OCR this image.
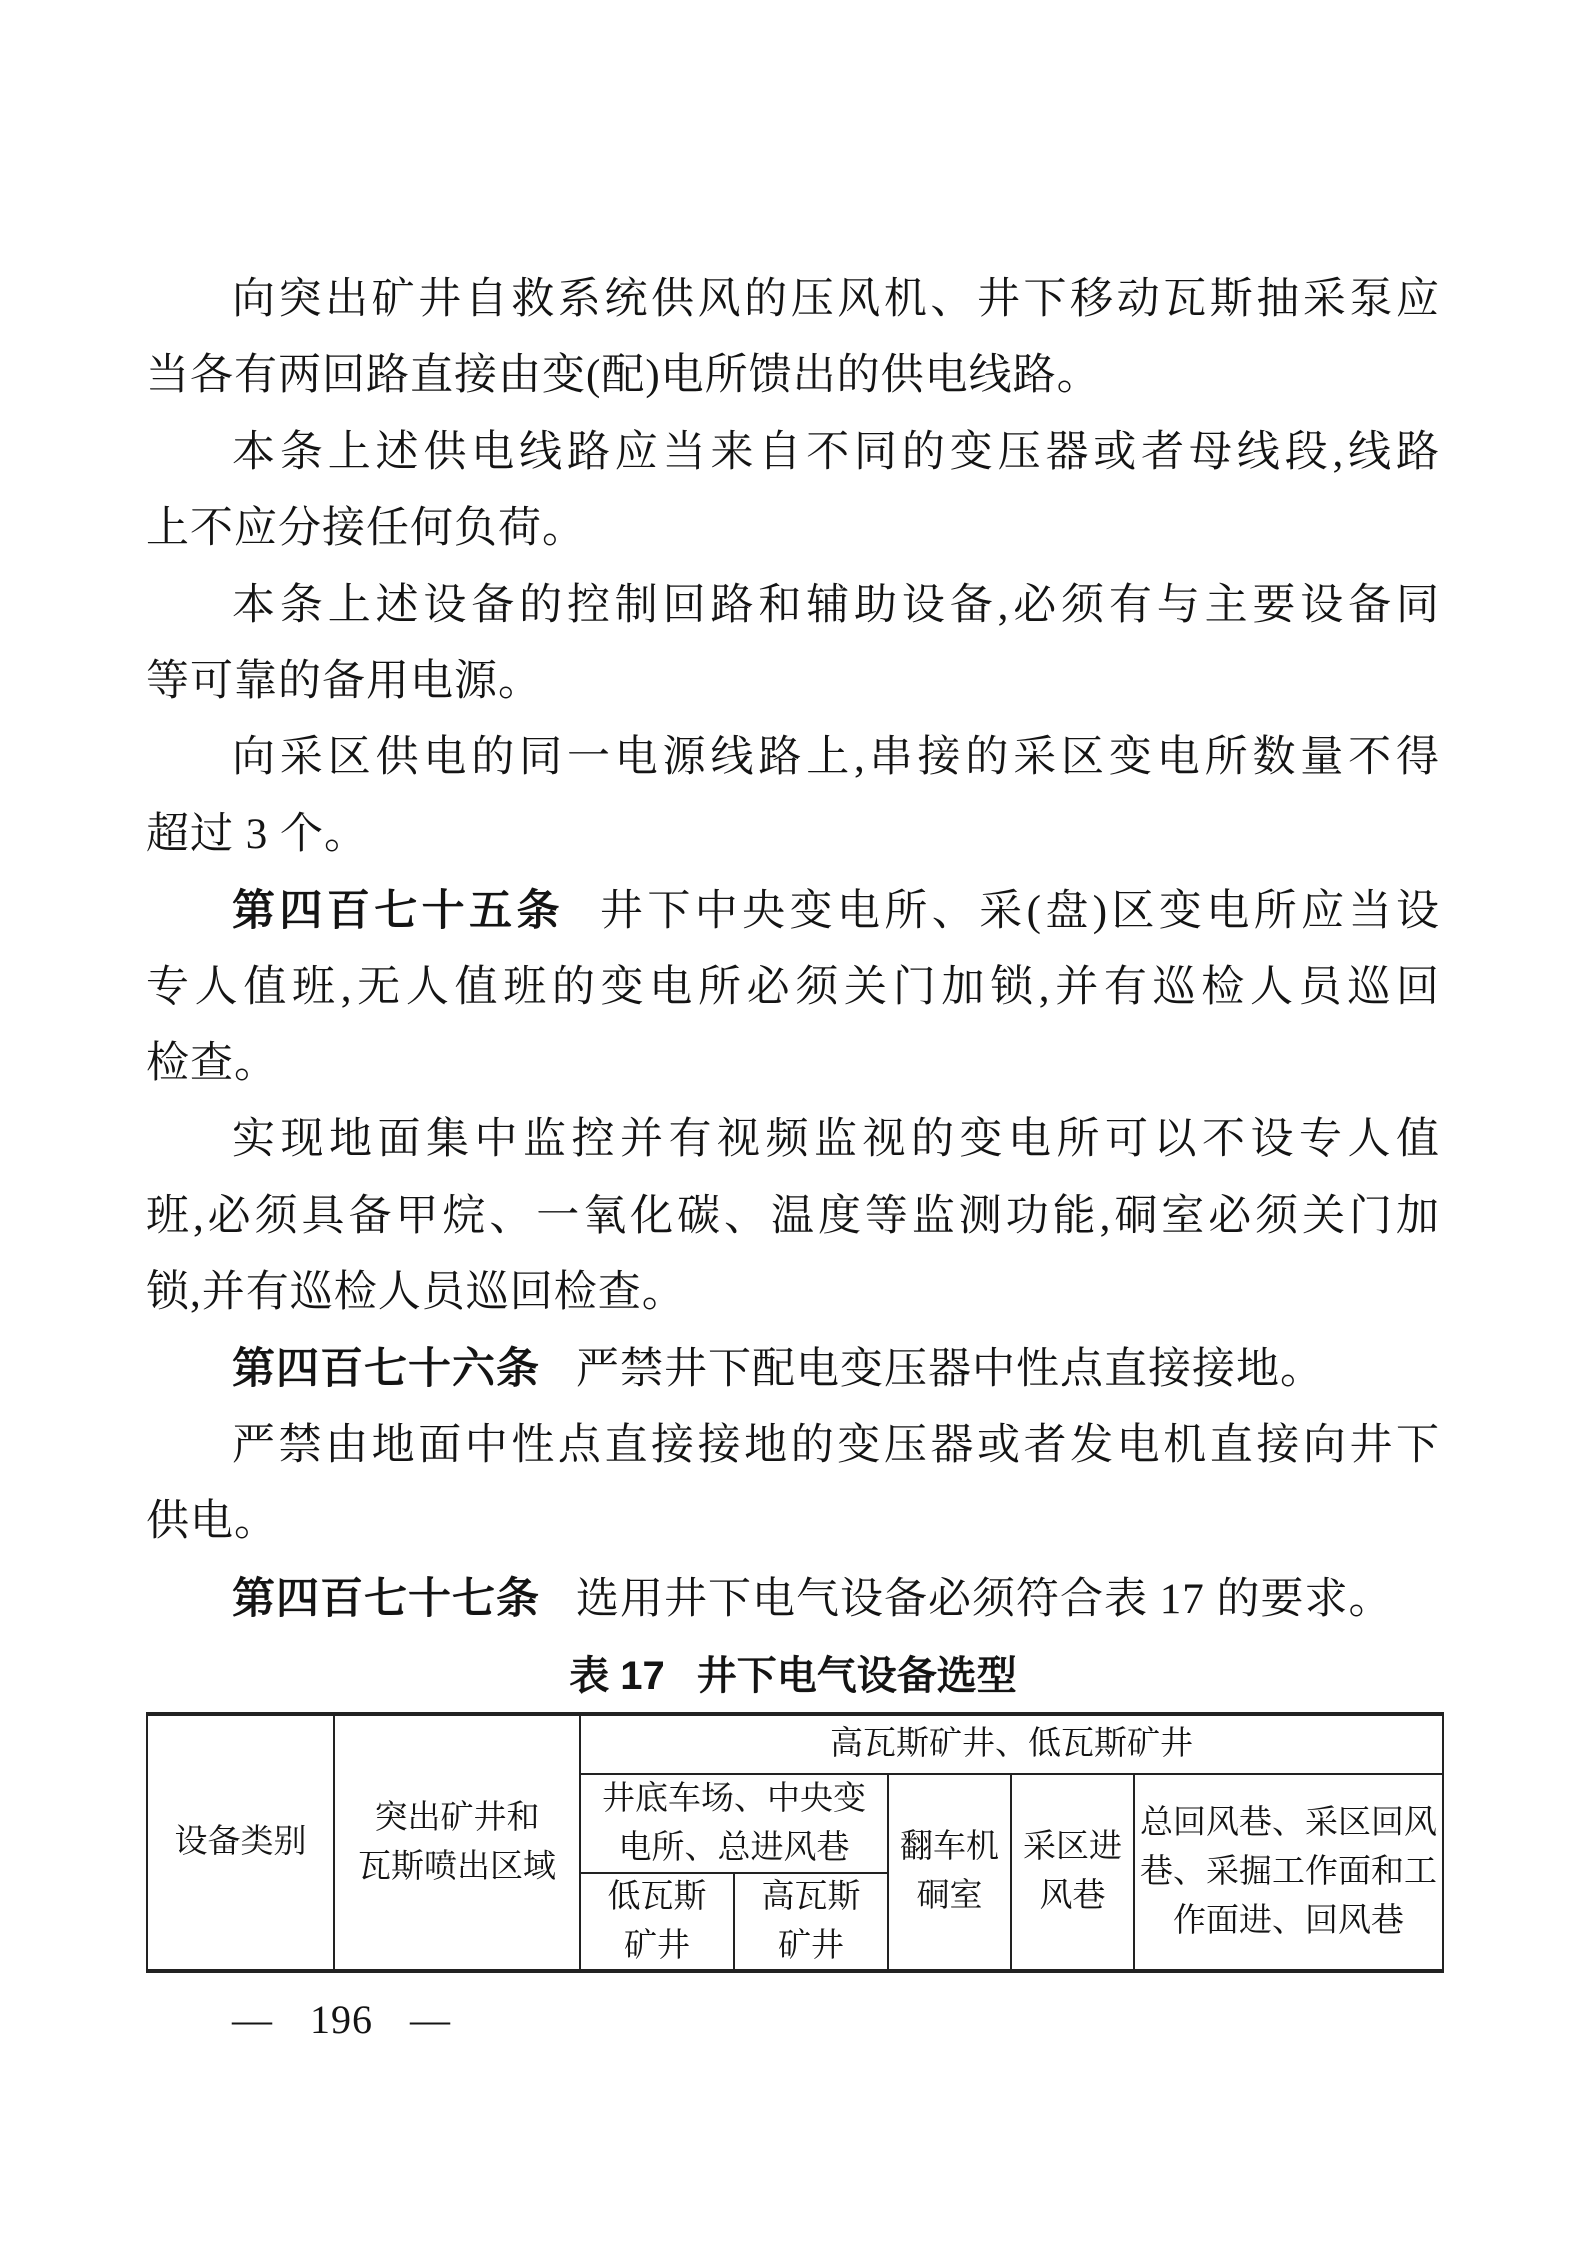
向突出矿井自救系统供风的压风机、井下移动瓦斯抽采泵应
当各有两回路直接由变(配)电所馈出的供电线路。
本条上述供电线路应当来自不同的变压器或者母线段,线路
上不应分接任何负荷。
本条上述设备的控制回路和辅助设备,必须有与主要设备同
等可靠的备用电源。
向采区供电的同一电源线路上,串接的采区变电所数量不得
超过 3 个。
第四百七十五条 井下中央变电所、采(盘)区变电所应当设
专人值班,无人值班的变电所必须关门加锁,并有巡检人员巡回
检查。
实现地面集中监控并有视频监视的变电所可以不设专人值
班,必须具备甲烷、一氧化碳、温度等监测功能,硐室必须关门加
锁,并有巡检人员巡回检查。
第四百七十六条 严禁井下配电变压器中性点直接接地。
严禁由地面中性点直接接地的变压器或者发电机直接向井下
供电。
第四百七十七条 选用井下电气设备必须符合表 17 的要求。
表 17 井下电气设备选型
设备类别
突出矿井和
瓦斯喷出区域
高瓦斯矿井、低瓦斯矿井
井底车场、中央变
电所、总进风巷
低瓦斯
矿井
高瓦斯
矿井
翻车机
硐室
采区进
风巷
总回风巷、采区回风
巷、采掘工作面和工
作面进、回风巷
— 196 —
